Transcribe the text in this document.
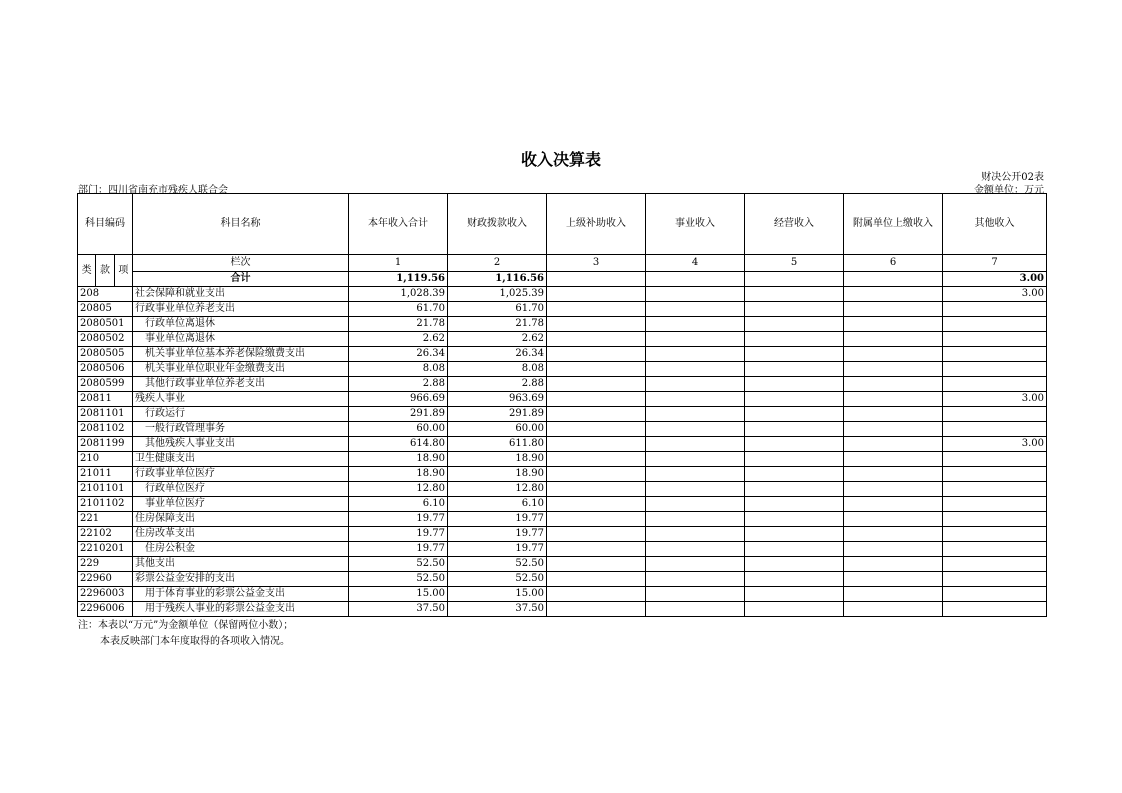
收入决算表
财决公开02表
部门：四川省南充市残疾人联合会	金额单位：万元
科目编码	科目名称	本年收入合计	财政拨款收入	上级补助收入	事业收入	经营收入	附属单位上缴收入	其他收入

类 款 项	栏次	1	2	3	4	5	6	7
	合计	1,119.56	1,116.56					3.00
208	社会保障和就业支出	1,028.39	1,025.39					3.00
20805	行政事业单位养老支出	61.70	61.70					
2080501	行政单位离退休	21.78	21.78					
2080502	事业单位离退休	2.62	2.62					
2080505	机关事业单位基本养老保险缴费支出	26.34	26.34					
2080506	机关事业单位职业年金缴费支出	8.08	8.08					
2080599	其他行政事业单位养老支出	2.88	2.88					
20811	残疾人事业	966.69	963.69					3.00
2081101	行政运行	291.89	291.89					
2081102	一般行政管理事务	60.00	60.00					
2081199	其他残疾人事业支出	614.80	611.80					3.00
210	卫生健康支出	18.90	18.90					
21011	行政事业单位医疗	18.90	18.90					
2101101	行政单位医疗	12.80	12.80					
2101102	事业单位医疗	6.10	6.10					
221	住房保障支出	19.77	19.77					
22102	住房改革支出	19.77	19.77					
2210201	住房公积金	19.77	19.77					
229	其他支出	52.50	52.50					
22960	彩票公益金安排的支出	52.50	52.50					
2296003	用于体育事业的彩票公益金支出	15.00	15.00					
2296006	用于残疾人事业的彩票公益金支出	37.50	37.50					
注：本表以“万元”为金额单位（保留两位小数）；
本表反映部门本年度取得的各项收入情况。
